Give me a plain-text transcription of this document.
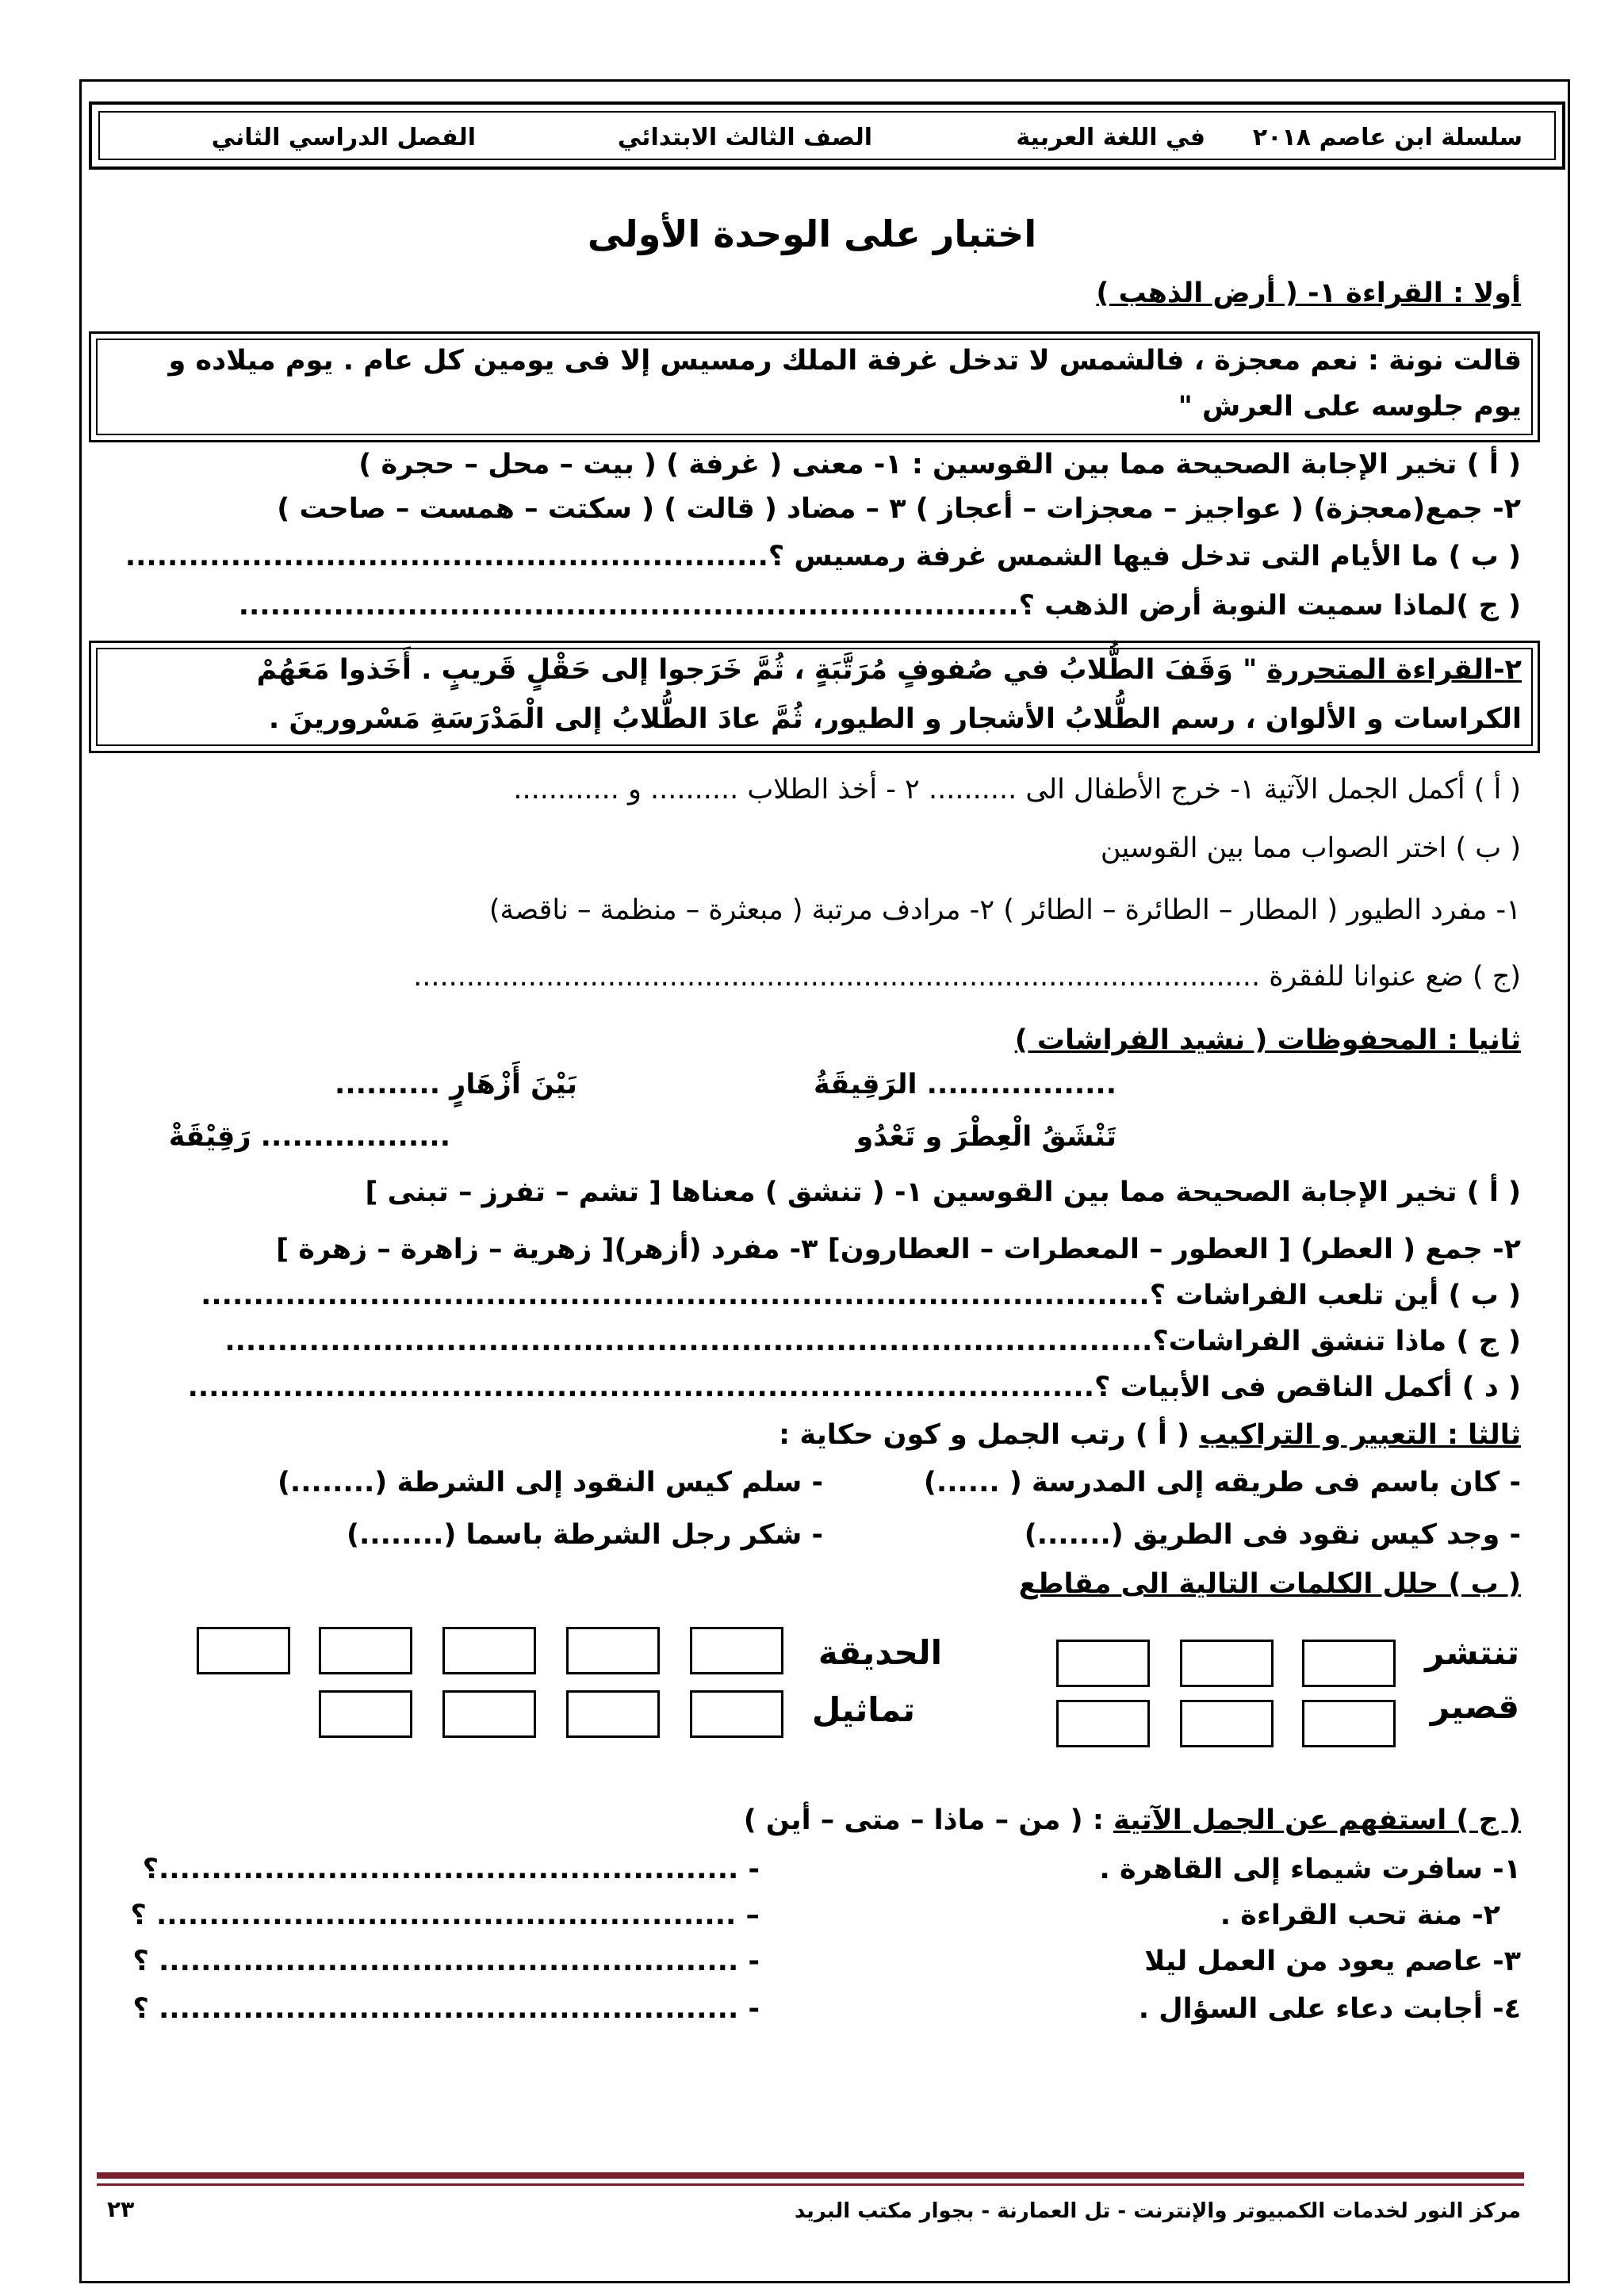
سلسلة ابن عاصم ٢٠١٨
في اللغة العربية
الصف الثالث الابتدائي
الفصل الدراسي الثاني
اختبار على الوحدة الأولى
أولا : القراءة ١- ( أرض الذهب )
قالت نونة : نعم معجزة ، فالشمس لا تدخل غرفة الملك رمسيس إلا فى يومين كل عام . يوم ميلاده و
يوم جلوسه على العرش "
( أ ) تخير الإجابة الصحيحة مما بين القوسين : ١- معنى ( غرفة ) ( بيت – محل – حجرة )
٢- جمع(معجزة) ( عواجيز – معجزات – أعجاز ) ٣ – مضاد ( قالت ) ( سكتت – همست – صاحت )
( ب ) ما الأيام التى تدخل فيها الشمس غرفة رمسيس ؟.............................................................
( ج )لماذا سميت النوبة أرض الذهب ؟..........................................................................
٢-القراءة المتحررة " وَقَفَ الطُّلابُ في صُفوفٍ مُرَتَّبَةٍ ، ثُمَّ خَرَجوا إلى حَقْلٍ قَريبٍ . أَخَذوا مَعَهُمْ
الكراسات و الألوان ، رسم الطُّلابُ الأشجار و الطيور، ثُمَّ عادَ الطُّلابُ إلى الْمَدْرَسَةِ مَسْرورينَ .
( أ ) أكمل الجمل الآتية ١- خرج الأطفال الى .......... ٢ - أخذ الطلاب .......... و ............
( ب ) اختر الصواب مما بين القوسين
١- مفرد الطيور ( المطار – الطائرة – الطائر ) ٢- مرادف مرتبة ( مبعثرة – منظمة – ناقصة)
(ج ) ضع عنوانا للفقرة ................................................................................................
ثانيا : المحفوظات ( نشيد الفراشات )
.................. الرَقِيقَةُ
بَيْنَ أَزْهَارٍ ..........
تَنْشَقُ الْعِطْرَ و تَعْدُو
.................. رَقِيْقَةْ
( أ ) تخير الإجابة الصحيحة مما بين القوسين ١- ( تنشق ) معناها [ تشم – تفرز – تبنى ]
٢- جمع ( العطر) [ العطور – المعطرات – العطارون] ٣- مفرد (أزهر)[ زهرية – زاهرة – زهرة ]
( ب ) أين تلعب الفراشات ؟..........................................................................................
( ج ) ماذا تنشق الفراشات؟........................................................................................
( د ) أكمل الناقص فى الأبيات ؟......................................................................................
ثالثا : التعبير و التراكيب ( أ ) رتب الجمل و كون حكاية :
- كان باسم فى طريقه إلى المدرسة ( ......)
- سلم كيس النقود إلى الشرطة (........)
- وجد كيس نقود فى الطريق (.......)
- شكر رجل الشرطة باسما (........)
( ب ) حلل الكلمات التالية الى مقاطع
تنتشر
قصير
الحديقة
تماثيل
( ج ) استفهم عن الجمل الآتية : ( من – ماذا – متى – أين )
١- سافرت شيماء إلى القاهرة .
- .......................................................؟
٢- منة تحب القراءة .
– ....................................................... ؟
٣- عاصم يعود من العمل ليلا
- ....................................................... ؟
٤- أجابت دعاء على السؤال .
- ....................................................... ؟
مركز النور لخدمات الكمبيوتر والإنترنت - تل العمارنة - بجوار مكتب البريد
٢٣
